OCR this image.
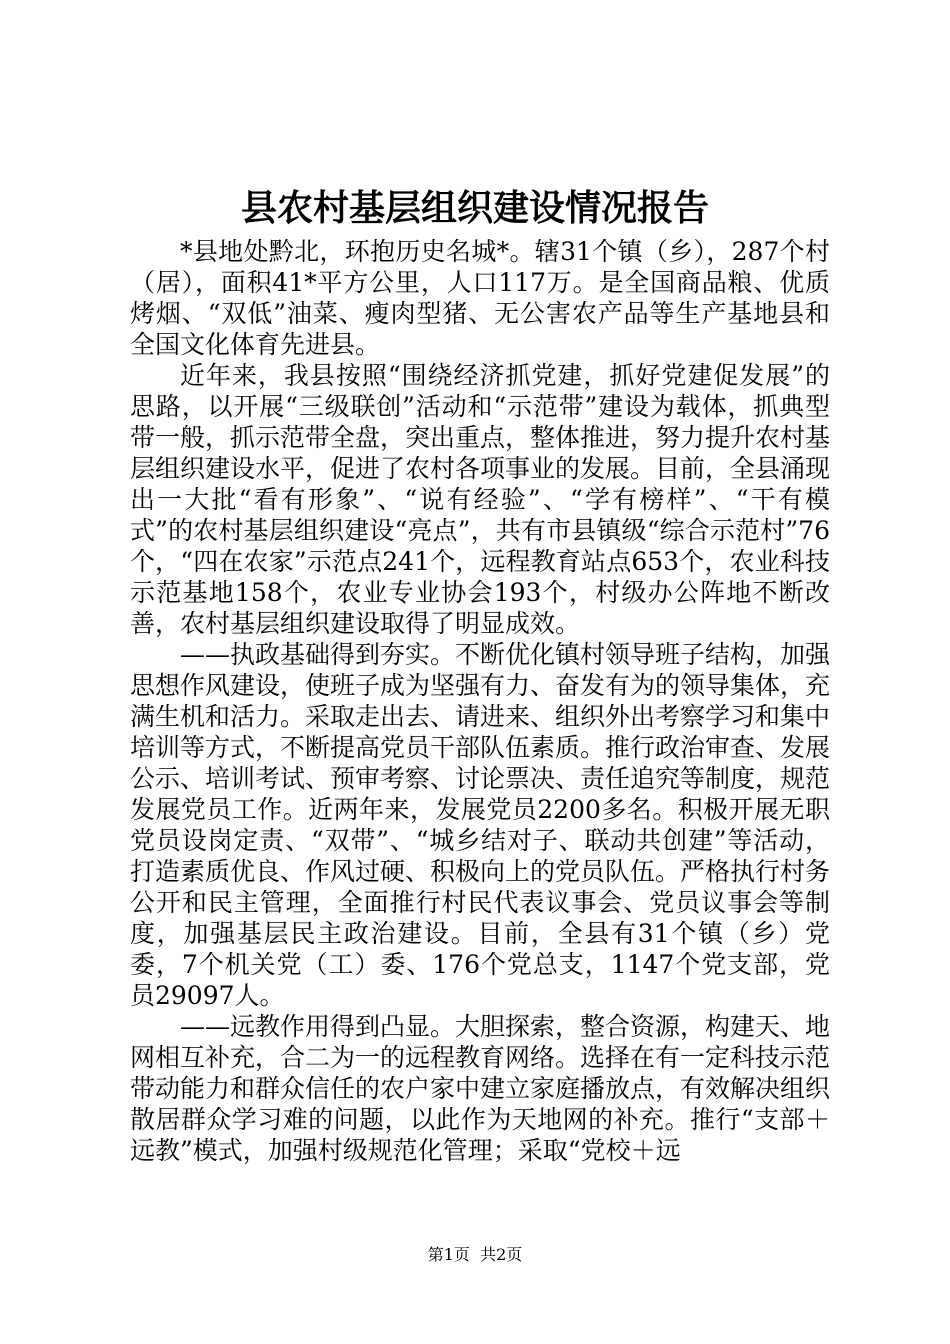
县农村基层组织建设情况报告

*县地处黔北，环抱历史名城*。辖31个镇（乡），287个村（居），面积41*平方公里，人口117万。是全国商品粮、优质烤烟、“双低”油菜、瘦肉型猪、无公害农产品等生产基地县和全国文化体育先进县。

近年来，我县按照“围绕经济抓党建，抓好党建促发展”的思路，以开展“三级联创”活动和“示范带”建设为载体，抓典型带一般，抓示范带全盘，突出重点，整体推进，努力提升农村基层组织建设水平，促进了农村各项事业的发展。目前，全县涌现出一大批“看有形象”、“说有经验”、“学有榜样”、“干有模式”的农村基层组织建设“亮点”，共有市县镇级“综合示范村”76个，“四在农家”示范点241个，远程教育站点653个，农业科技示范基地158个，农业专业协会193个，村级办公阵地不断改善，农村基层组织建设取得了明显成效。

——执政基础得到夯实。不断优化镇村领导班子结构，加强思想作风建设，使班子成为坚强有力、奋发有为的领导集体，充满生机和活力。采取走出去、请进来、组织外出考察学习和集中培训等方式，不断提高党员干部队伍素质。推行政治审查、发展公示、培训考试、预审考察、讨论票决、责任追究等制度，规范发展党员工作。近两年来，发展党员2200多名。积极开展无职党员设岗定责、“双带”、“城乡结对子、联动共创建”等活动，打造素质优良、作风过硬、积极向上的党员队伍。严格执行村务公开和民主管理，全面推行村民代表议事会、党员议事会等制度，加强基层民主政治建设。目前，全县有31个镇（乡）党委，7个机关党（工）委、176个党总支，1147个党支部，党员29097人。

——远教作用得到凸显。大胆探索，整合资源，构建天、地网相互补充，合二为一的远程教育网络。选择在有一定科技示范带动能力和群众信任的农户家中建立家庭播放点，有效解决组织散居群众学习难的问题，以此作为天地网的补充。推行“支部＋远教”模式，加强村级规范化管理；采取“党校＋远

第1页 共2页
